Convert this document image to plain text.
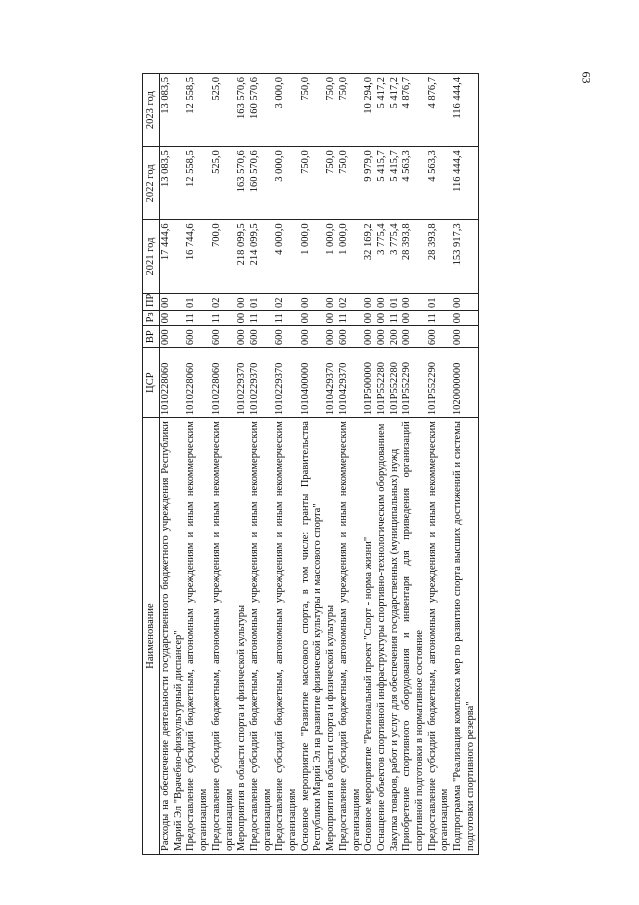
63
Наименование	ЦСР	ВР	Рз	ПР	2021 год	2022 год	2023 год
Расходы на обеспечение деятельности государственного бюджетного учреждения Республики Марий Эл "Врачебно-физкультурный диспансер"	1010228060	000	00	00	17 444,6	13 083,5	13 083,5
Предоставление субсидий бюджетным, автономным учреждениям и иным некоммерческим организациям	1010228060	600	11	01	16 744,6	12 558,5	12 558,5
Предоставление субсидий бюджетным, автономным учреждениям и иным некоммерческим организациям	1010228060	600	11	02	700,0	525,0	525,0
Мероприятия в области спорта и физической культуры	1010229370	000	00	00	218 099,5	163 570,6	163 570,6
Предоставление субсидий бюджетным, автономным учреждениям и иным некоммерческим организациям	1010229370	600	11	01	214 099,5	160 570,6	160 570,6
Предоставление субсидий бюджетным, автономным учреждениям и иным некоммерческим организациям	1010229370	600	11	02	4 000,0	3 000,0	3 000,0
Основное мероприятие "Развитие массового спорта, в том числе: гранты Правительства Республики Марий Эл на развитие физической культуры и массового спорта"	1010400000	000	00	00	1 000,0	750,0	750,0
Мероприятия в области спорта и физической культуры	1010429370	000	00	00	1 000,0	750,0	750,0
Предоставление субсидий бюджетным, автономным учреждениям и иным некоммерческим организациям	1010429370	600	11	02	1 000,0	750,0	750,0
Основное мероприятие "Региональный проект "Спорт - норма жизни"	101P500000	000	00	00	32 169,2	9 979,0	10 294,0
Оснащение объектов спортивной инфраструктуры спортивно-технологическим оборудованием	101P552280	000	00	00	3 775,4	5 415,7	5 417,2
Закупка товаров, работ и услуг для обеспечения государственных (муниципальных) нужд	101P552280	200	11	01	3 775,4	5 415,7	5 417,2
Приобретение спортивного оборудования и инвентаря для приведения организаций спортивной подготовки в нормативное состояние	101P552290	000	00	00	28 393,8	4 563,3	4 876,7
Предоставление субсидий бюджетным, автономным учреждениям и иным некоммерческим организациям	101P552290	600	11	01	28 393,8	4 563,3	4 876,7
Подпрограмма "Реализация комплекса мер по развитию спорта высших достижений и системы подготовки спортивного резерва"	1020000000	000	00	00	153 917,3	116 444,4	116 444,4
